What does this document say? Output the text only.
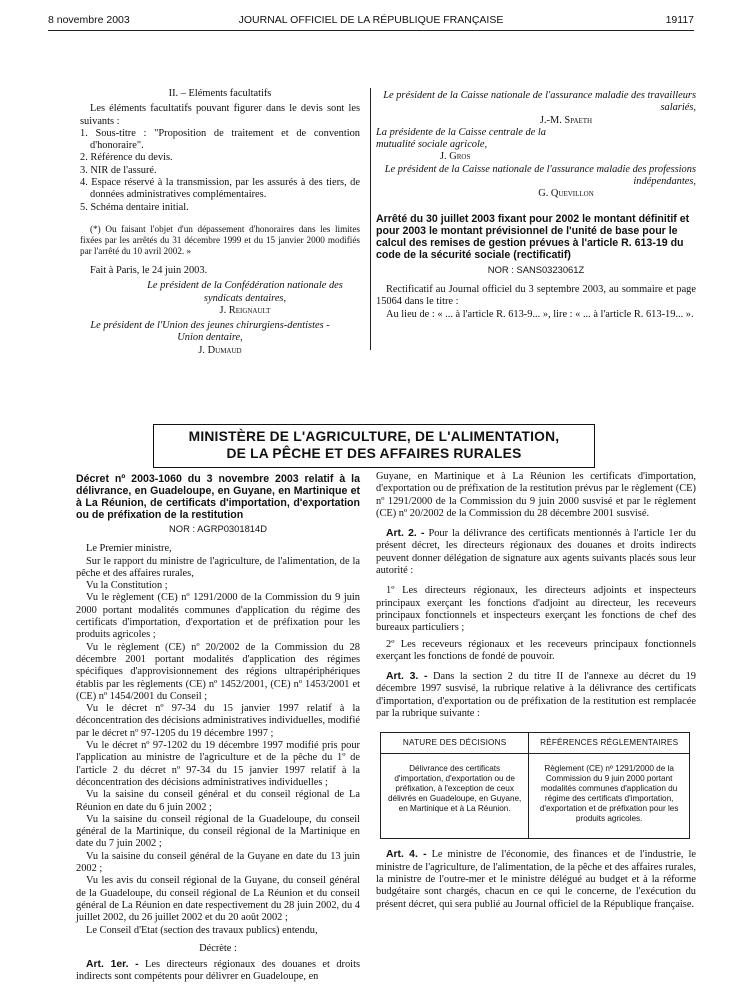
8 novembre 2003	JOURNAL OFFICIEL DE LA RÉPUBLIQUE FRANÇAISE	19117

II. – Eléments facultatifs

Les éléments facultatifs pouvant figurer dans le devis sont les suivants :

1. Sous-titre : "Proposition de traitement et de convention d'honoraire".

2. Référence du devis.

3. NIR de l'assuré.

4. Espace réservé à la transmission, par les assurés à des tiers, de données administratives complémentaires.

5. Schéma dentaire initial.

(*) Ou faisant l'objet d'un dépassement d'honoraires dans les limites fixées par les arrêtés du 31 décembre 1999 et du 15 janvier 2000 modifiés par l'arrêté du 10 avril 2002. »

Fait à Paris, le 24 juin 2003.

Le président de la Confédération nationale des syndicats dentaires,

J. Reignault

Le président de l'Union des jeunes chirurgiens-dentistes - Union dentaire,

J. Dumaud

Le président de la Caisse nationale de l'assurance maladie des travailleurs salariés,

J.-M. Spaeth

La présidente de la Caisse centrale de la mutualité sociale agricole,

J. Gros

Le président de la Caisse nationale de l'assurance maladie des professions indépendantes,

G. Quevillon

Arrêté du 30 juillet 2003 fixant pour 2002 le montant définitif et pour 2003 le montant prévisionnel de l'unité de base pour le calcul des remises de gestion prévues à l'article R. 613-19 du code de la sécurité sociale (rectificatif)

NOR : SANS0323061Z

Rectificatif au Journal officiel du 3 septembre 2003, au sommaire et page 15064 dans le titre :

Au lieu de : « ... à l'article R. 613-9... », lire : « ... à l'article R. 613-19... ».

MINISTÈRE DE L'AGRICULTURE, DE L'ALIMENTATION,
DE LA PÊCHE ET DES AFFAIRES RURALES

Décret nº 2003-1060 du 3 novembre 2003 relatif à la délivrance, en Guadeloupe, en Guyane, en Martinique et à La Réunion, de certificats d'importation, d'exportation ou de préfixation de la restitution

NOR : AGRP0301814D

Le Premier ministre,

Sur le rapport du ministre de l'agriculture, de l'alimentation, de la pêche et des affaires rurales,

Vu la Constitution ;

Vu le règlement (CE) nº 1291/2000 de la Commission du 9 juin 2000 portant modalités communes d'application du régime des certificats d'importation, d'exportation et de préfixation pour les produits agricoles ;

Vu le règlement (CE) nº 20/2002 de la Commission du 28 décembre 2001 portant modalités d'application des régimes spécifiques d'approvisionnement des régions ultrapériphériques établis par les règlements (CE) nº 1452/2001, (CE) nº 1453/2001 et (CE) nº 1454/2001 du Conseil ;

Vu le décret nº 97-34 du 15 janvier 1997 relatif à la déconcentration des décisions administratives individuelles, modifié par le décret nº 97-1205 du 19 décembre 1997 ;

Vu le décret nº 97-1202 du 19 décembre 1997 modifié pris pour l'application au ministre de l'agriculture et de la pêche du 1º de l'article 2 du décret nº 97-34 du 15 janvier 1997 relatif à la déconcentration des décisions administratives individuelles ;

Vu la saisine du conseil général et du conseil régional de La Réunion en date du 6 juin 2002 ;

Vu la saisine du conseil régional de la Guadeloupe, du conseil général de la Martinique, du conseil régional de la Martinique en date du 7 juin 2002 ;

Vu la saisine du conseil général de la Guyane en date du 13 juin 2002 ;

Vu les avis du conseil régional de la Guyane, du conseil général de la Guadeloupe, du conseil régional de La Réunion et du conseil général de La Réunion en date respectivement du 28 juin 2002, du 4 juillet 2002, du 26 juillet 2002 et du 20 août 2002 ;

Le Conseil d'Etat (section des travaux publics) entendu,

Décrète :

Art. 1er. - Les directeurs régionaux des douanes et droits indirects sont compétents pour délivrer en Guadeloupe, en

Guyane, en Martinique et à La Réunion les certificats d'importation, d'exportation ou de préfixation de la restitution prévus par le règlement (CE) nº 1291/2000 de la Commission du 9 juin 2000 susvisé et par le règlement (CE) nº 20/2002 de la Commission du 28 décembre 2001 susvisé.

Art. 2. - Pour la délivrance des certificats mentionnés à l'article 1er du présent décret, les directeurs régionaux des douanes et droits indirects peuvent donner délégation de signature aux agents suivants placés sous leur autorité :

1º Les directeurs régionaux, les directeurs adjoints et inspecteurs principaux exerçant les fonctions d'adjoint au directeur, les receveurs principaux fonctionnels et inspecteurs exerçant les fonctions de chef des bureaux particuliers ;

2º Les receveurs régionaux et les receveurs principaux fonctionnels exerçant les fonctions de fondé de pouvoir.

Art. 3. - Dans la section 2 du titre II de l'annexe au décret du 19 décembre 1997 susvisé, la rubrique relative à la délivrance des certificats d'importation, d'exportation ou de préfixation de la restitution est remplacée par la rubrique suivante :

NATURE DES DÉCISIONS	RÉFÉRENCES RÉGLEMENTAIRES
Délivrance des certificats d'importation, d'exportation ou de préfixation, à l'exception de ceux délivrés en Guadeloupe, en Guyane, en Martinique et à La Réunion.	Règlement (CE) nº 1291/2000 de la Commission du 9 juin 2000 portant modalités communes d'application du régime des certificats d'importation, d'exportation et de préfixation pour les produits agricoles.

Art. 4. - Le ministre de l'économie, des finances et de l'industrie, le ministre de l'agriculture, de l'alimentation, de la pêche et des affaires rurales, la ministre de l'outre-mer et le ministre délégué au budget et à la réforme budgétaire sont chargés, chacun en ce qui le concerne, de l'exécution du présent décret, qui sera publié au Journal officiel de la République française.
